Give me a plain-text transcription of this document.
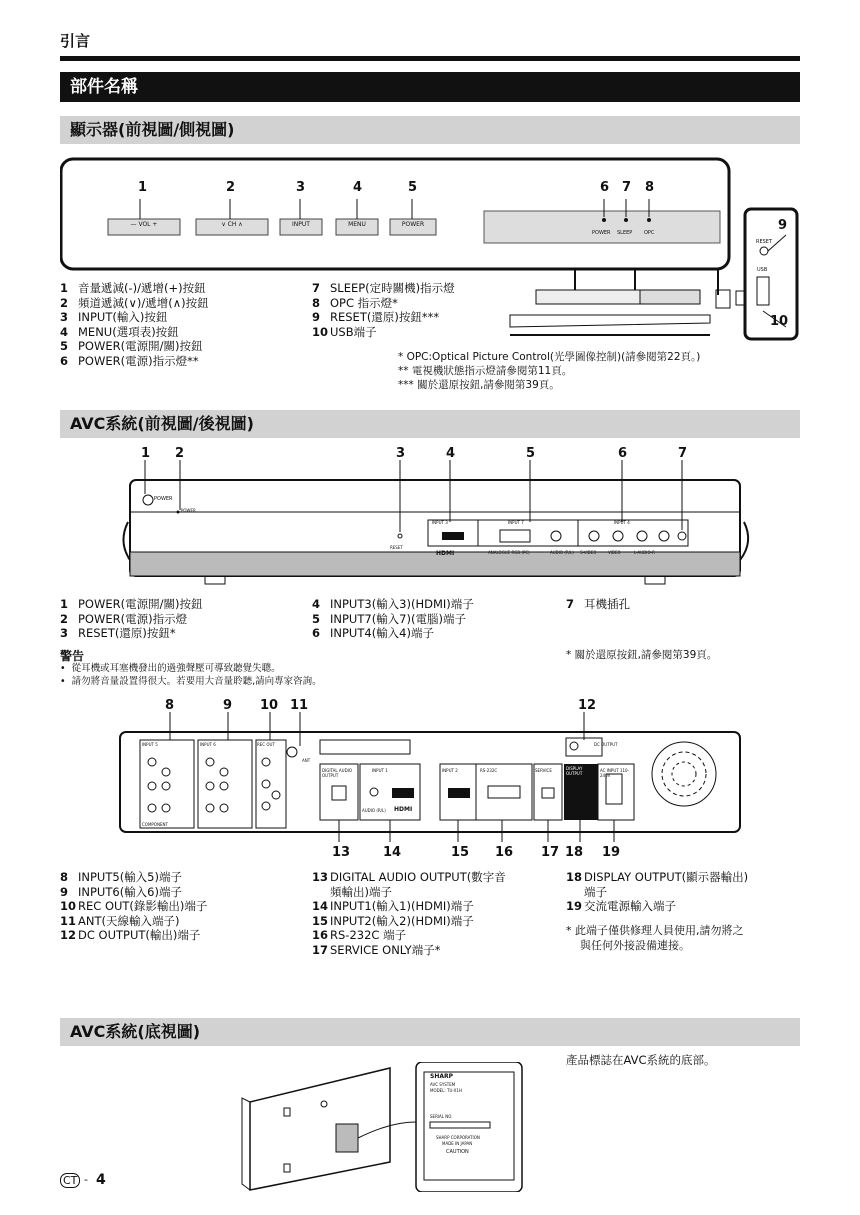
引言
部件名稱
顯示器(前視圖/側視圖)
1	2	3	4	5	6 7 8
9
10
— VOL +	∨ CH ∧	INPUT	MENU	POWER
POWER SLEEP OPC
RESET
USB
1 音量遞減(-)/遞增(+)按鈕
2 頻道遞減(∨)/遞增(∧)按鈕
3 INPUT(輸入)按鈕
4 MENU(選項表)按鈕
5 POWER(電源開/關)按鈕
6 POWER(電源)指示燈**
7 SLEEP(定時關機)指示燈
8 OPC 指示燈*
9 RESET(還原)按鈕***
10 USB端子
* OPC:Optical Picture Control(光學圖像控制)(請參閱第22頁。)
** 電視機狀態指示燈請參閱第11頁。
*** 關於還原按鈕,請參閱第39頁。
AVC系統(前視圖/後視圖)
1 2	3	4	5	6	7
POWER
POWER
RESET
INPUT 3	INPUT 7	INPUT 4
HDMI	ANALOGUE RGB (PC)	AUDIO (R/L) S-VIDEO	VIDEO	L-AUDIO-R
1 POWER(電源開/關)按鈕
2 POWER(電源)指示燈
3 RESET(還原)按鈕*
4 INPUT3(輸入3)(HDMI)端子
5 INPUT7(輸入7)(電腦)端子
6 INPUT4(輸入4)端子
7 耳機插孔
* 關於還原按鈕,請參閱第39頁。
警告
•  從耳機或耳塞機發出的過強聲壓可導致聽覺失聰。
•  請勿將音量設置得很大。若要用大音量聆聽,請向專家咨詢。
8	9 10 11	12
13	14	15 16 17 18 19
INPUT 5	INPUT 6	REC OUT
ANT
DC OUTPUT
DIGITAL AUDIO OUTPUT
INPUT 1	INPUT 2	RS-232C	SERVICE	DISPLAY OUTPUT
AC INPUT 110-240V
COMPONENT
AUDIO (R/L) HDMI
8 INPUT5(輸入5)端子
9 INPUT6(輸入6)端子
10 REC OUT(錄影輸出)端子
11 ANT(天線輸入端子)
12 DC OUTPUT(輸出)端子
13 DIGITAL AUDIO OUTPUT(數字音
頻輸出)端子
14 INPUT1(輸入1)(HDMI)端子
15 INPUT2(輸入2)(HDMI)端子
16 RS-232C 端子
17 SERVICE ONLY端子*
18 DISPLAY OUTPUT(顯示器輸出)
端子
19 交流電源輸入端子
* 此端子僅供修理人員使用,請勿將之
與任何外接設備連接。
AVC系統(底視圖)
SHARP
AVC SYSTEM
MODEL: TU-X1H
SERIAL NO.
SHARP CORPORATION
MADE IN JAPAN
CAUTION
產品標誌在AVC系統的底部。
CT - 4
